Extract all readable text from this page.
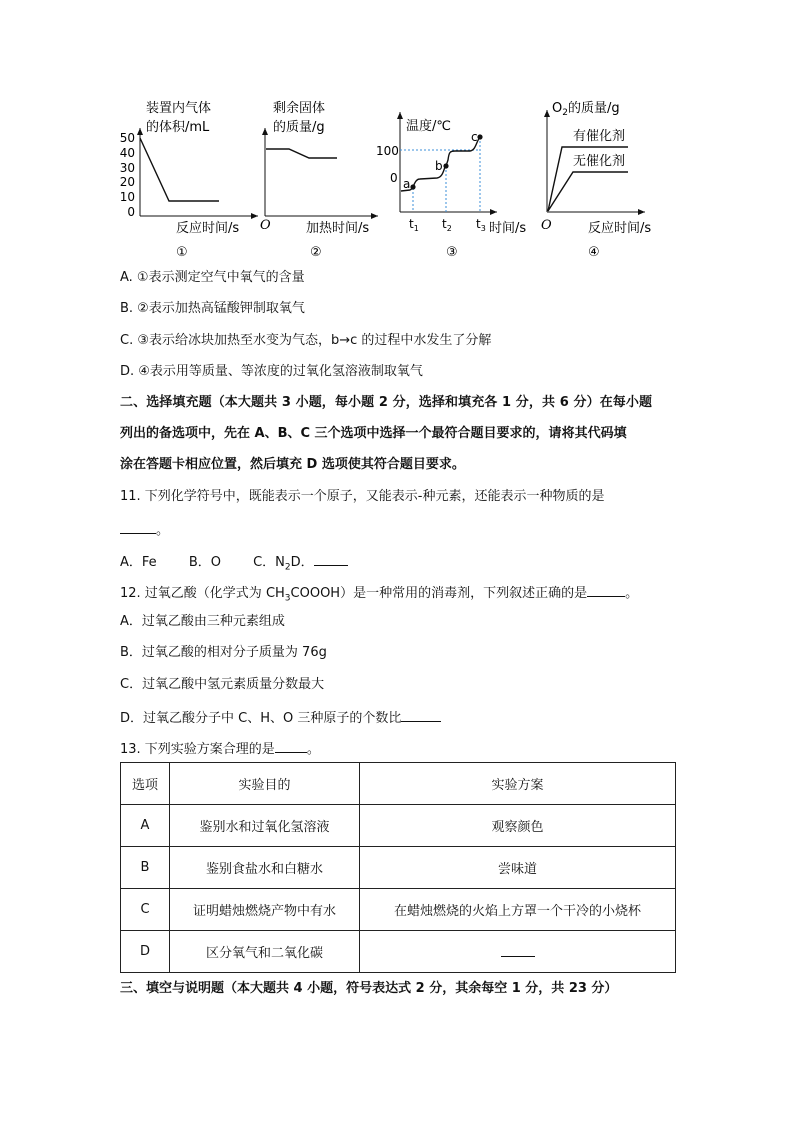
装置内气体
的体积/mL
50
40
30
20
10
0
反应时间/s
①
剩余固体
的质量/g
O	加热时间/s
②
温度/℃
100
0 a
b
c
$t_1$ $t_2$ $t_3$ 时间/s
③
$O_2$的质量/g
有催化剂
无催化剂
O	反应时间/s
④
A. ①表示测定空气中氧气的含量
B. ②表示加热高锰酸钾制取氧气
C. ③表示给冰块加热至水变为气态，b→c 的过程中水发生了分解
D. ④表示用等质量、等浓度的过氧化氢溶液制取氧气
二、选择填充题（本大题共 3 小题，每小题 2 分，选择和填充各 1 分，共 6 分）在每小题
列出的备选项中，先在 A、B、C 三个选项中选择一个最符合题目要求的，请将其代码填
涂在答题卡相应位置，然后填充 D 选项使其符合题目要求。
11. 下列化学符号中，既能表示一个原子，又能表示-种元素，还能表示一种物质的是
。
A．Fe B．O C．$N_2D$．
12. 过氧乙酸（化学式为 $CH_3COOOH$）是一种常用的消毒剂，下列叙述正确的是	。
A．过氧乙酸由三种元素组成
B．过氧乙酸的相对分子质量为 76g
C．过氧乙酸中氢元素质量分数最大
D．过氧乙酸分子中 C、H、O 三种原子的个数比
13. 下列实验方案合理的是 。
选项	实验目的	实验方案
A	鉴别水和过氧化氢溶液	观察颜色
B	鉴别食盐水和白糖水	尝味道
C	证明蜡烛燃烧产物中有水	在蜡烛燃烧的火焰上方罩一个干冷的小烧杯
D	区分氧气和二氧化碳	
三、填空与说明题（本大题共 4 小题，符号表达式 2 分，其余每空 1 分，共 23 分）
